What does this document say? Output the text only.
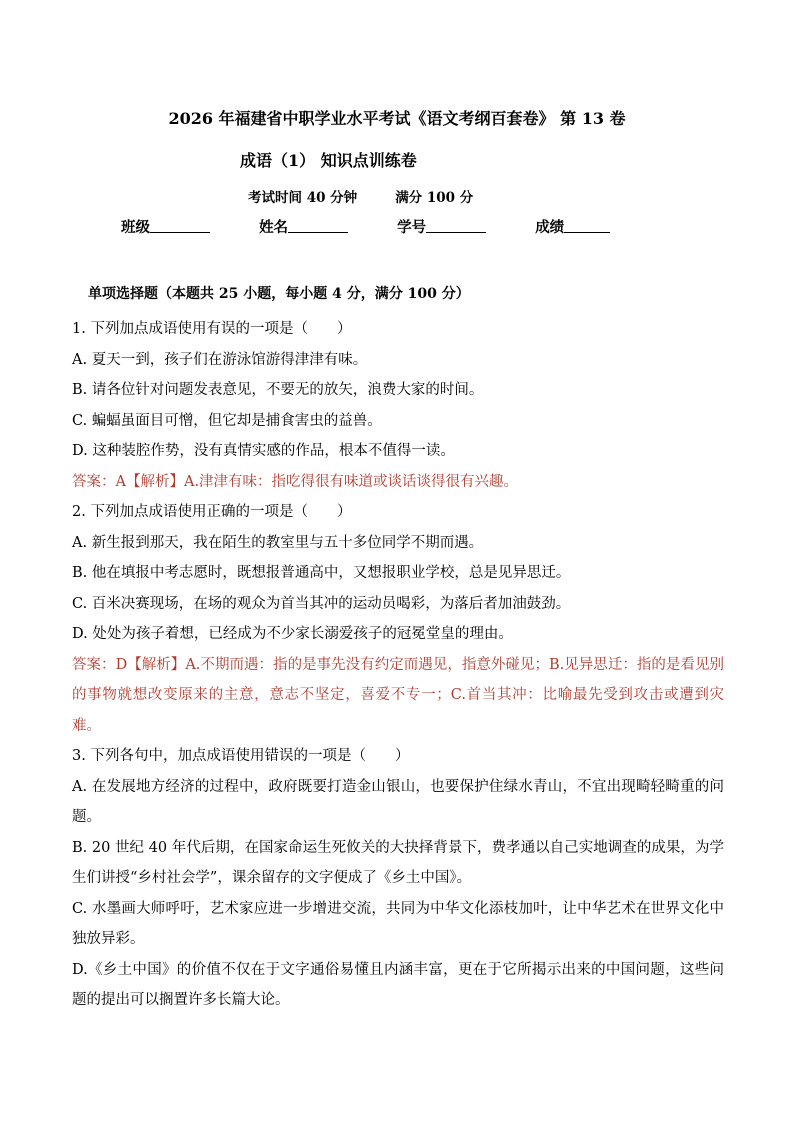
2026 年福建省中职学业水平考试《语文考纲百套卷》 第 13 卷
成语（1） 知识点训练卷
考试时间 40 分钟	满分 100 分
班级	姓名	学号	成绩
单项选择题（本题共 25 小题，每小题 4 分，满分 100 分）

1. 下列加点成语使用有误的一项是（　　）

A. 夏天一到，孩子们在游泳馆游得津津有味。

B. 请各位针对问题发表意见，不要无的放矢，浪费大家的时间。

C. 蝙蝠虽面目可憎，但它却是捕食害虫的益兽。

D. 这种装腔作势，没有真情实感的作品，根本不值得一读。

答案：A【解析】A.津津有味：指吃得很有味道或谈话谈得很有兴趣。

2. 下列加点成语使用正确的一项是（　　）

A. 新生报到那天，我在陌生的教室里与五十多位同学不期而遇。

B. 他在填报中考志愿时，既想报普通高中，又想报职业学校，总是见异思迁。

C. 百米决赛现场，在场的观众为首当其冲的运动员喝彩，为落后者加油鼓劲。

D. 处处为孩子着想，已经成为不少家长溺爱孩子的冠冕堂皇的理由。

答案：D【解析】A.不期而遇：指的是事先没有约定而遇见，指意外碰见；B.见异思迁：指的是看见别的事物就想改变原来的主意，意志不坚定，喜爱不专一；C.首当其冲：比喻最先受到攻击或遭到灾难。

3. 下列各句中，加点成语使用错误的一项是（　　）

A. 在发展地方经济的过程中，政府既要打造金山银山，也要保护住绿水青山，不宜出现畸轻畸重的问题。

B. 20 世纪 40 年代后期，在国家命运生死攸关的大抉择背景下，费孝通以自己实地调查的成果，为学生们讲授“乡村社会学”，课余留存的文字便成了《乡土中国》。

C. 水墨画大师呼吁，艺术家应进一步增进交流，共同为中华文化添枝加叶，让中华艺术在世界文化中独放异彩。

D.《乡土中国》的价值不仅在于文字通俗易懂且内涵丰富，更在于它所揭示出来的中国问题，这些问题的提出可以搁置许多长篇大论。
